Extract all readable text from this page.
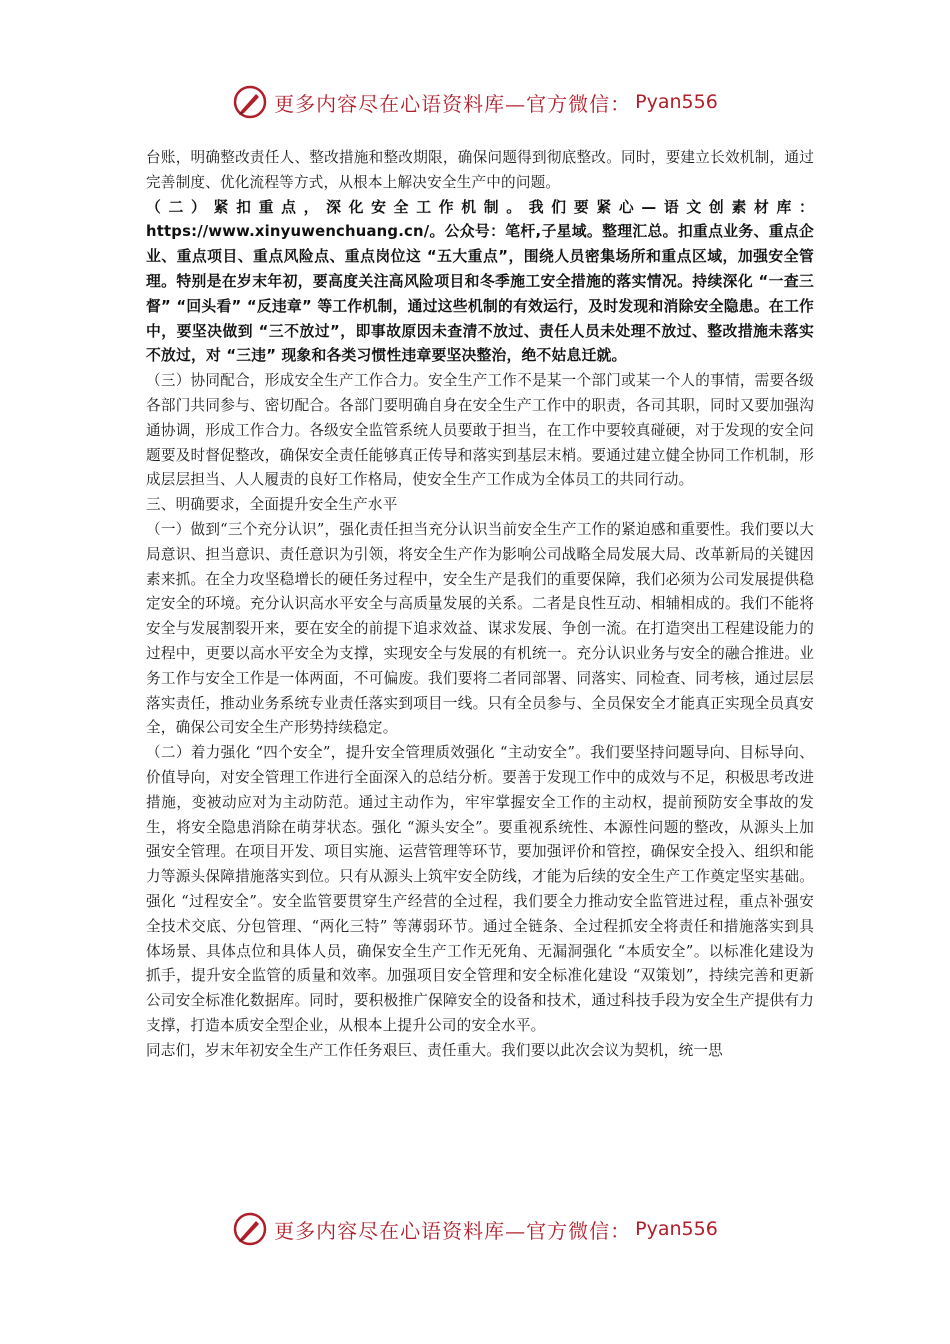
更多内容尽在心语资料库—官方微信： Pyan556

台账，明确整改责任人、整改措施和整改期限，确保问题得到彻底整改。同时，要建立长效机制，通过完善制度、优化流程等方式，从根本上解决安全生产中的问题。

（二）紧扣重点，深化安全工作机制。我们要紧心—语文创素材库：https://www.xinyuwenchuang.cn/。公众号：笔杆,子星域。整理汇总。扣重点业务、重点企业、重点项目、重点风险点、重点岗位这 “五大重点”，围绕人员密集场所和重点区域，加强安全管理。特别是在岁末年初，要高度关注高风险项目和冬季施工安全措施的落实情况。持续深化 “一查三督” “回头看” “反违章” 等工作机制，通过这些机制的有效运行，及时发现和消除安全隐患。在工作中，要坚决做到 “三不放过”，即事故原因未查清不放过、责任人员未处理不放过、整改措施未落实不放过，对 “三违” 现象和各类习惯性违章要坚决整治，绝不姑息迁就。

（三）协同配合，形成安全生产工作合力。安全生产工作不是某一个部门或某一个人的事情，需要各级各部门共同参与、密切配合。各部门要明确自身在安全生产工作中的职责，各司其职，同时又要加强沟通协调，形成工作合力。各级安全监管系统人员要敢于担当，在工作中要较真碰硬，对于发现的安全问题要及时督促整改，确保安全责任能够真正传导和落实到基层末梢。要通过建立健全协同工作机制，形成层层担当、人人履责的良好工作格局，使安全生产工作成为全体员工的共同行动。

三、明确要求，全面提升安全生产水平

（一）做到“三个充分认识”，强化责任担当充分认识当前安全生产工作的紧迫感和重要性。我们要以大局意识、担当意识、责任意识为引领，将安全生产作为影响公司战略全局发展大局、改革新局的关键因素来抓。在全力攻坚稳增长的硬任务过程中，安全生产是我们的重要保障，我们必须为公司发展提供稳定安全的环境。充分认识高水平安全与高质量发展的关系。二者是良性互动、相辅相成的。我们不能将安全与发展割裂开来，要在安全的前提下追求效益、谋求发展、争创一流。在打造突出工程建设能力的过程中，更要以高水平安全为支撑，实现安全与发展的有机统一。充分认识业务与安全的融合推进。业务工作与安全工作是一体两面，不可偏废。我们要将二者同部署、同落实、同检查、同考核，通过层层落实责任，推动业务系统专业责任落实到项目一线。只有全员参与、全员保安全才能真正实现全员真安全，确保公司安全生产形势持续稳定。

（二）着力强化 “四个安全”，提升安全管理质效强化 “主动安全”。我们要坚持问题导向、目标导向、价值导向，对安全管理工作进行全面深入的总结分析。要善于发现工作中的成效与不足，积极思考改进措施，变被动应对为主动防范。通过主动作为，牢牢掌握安全工作的主动权，提前预防安全事故的发生，将安全隐患消除在萌芽状态。强化 “源头安全”。要重视系统性、本源性问题的整改，从源头上加强安全管理。在项目开发、项目实施、运营管理等环节，要加强评价和管控，确保安全投入、组织和能力等源头保障措施落实到位。只有从源头上筑牢安全防线，才能为后续的安全生产工作奠定坚实基础。强化 “过程安全”。安全监管要贯穿生产经营的全过程，我们要全力推动安全监管进过程，重点补强安全技术交底、分包管理、“两化三特” 等薄弱环节。通过全链条、全过程抓安全将责任和措施落实到具体场景、具体点位和具体人员，确保安全生产工作无死角、无漏洞强化 “本质安全”。以标准化建设为抓手，提升安全监管的质量和效率。加强项目安全管理和安全标准化建设 “双策划”，持续完善和更新公司安全标准化数据库。同时，要积极推广保障安全的设备和技术，通过科技手段为安全生产提供有力支撑，打造本质安全型企业，从根本上提升公司的安全水平。

同志们，岁末年初安全生产工作任务艰巨、责任重大。我们要以此次会议为契机，统一思

更多内容尽在心语资料库—官方微信： Pyan556
